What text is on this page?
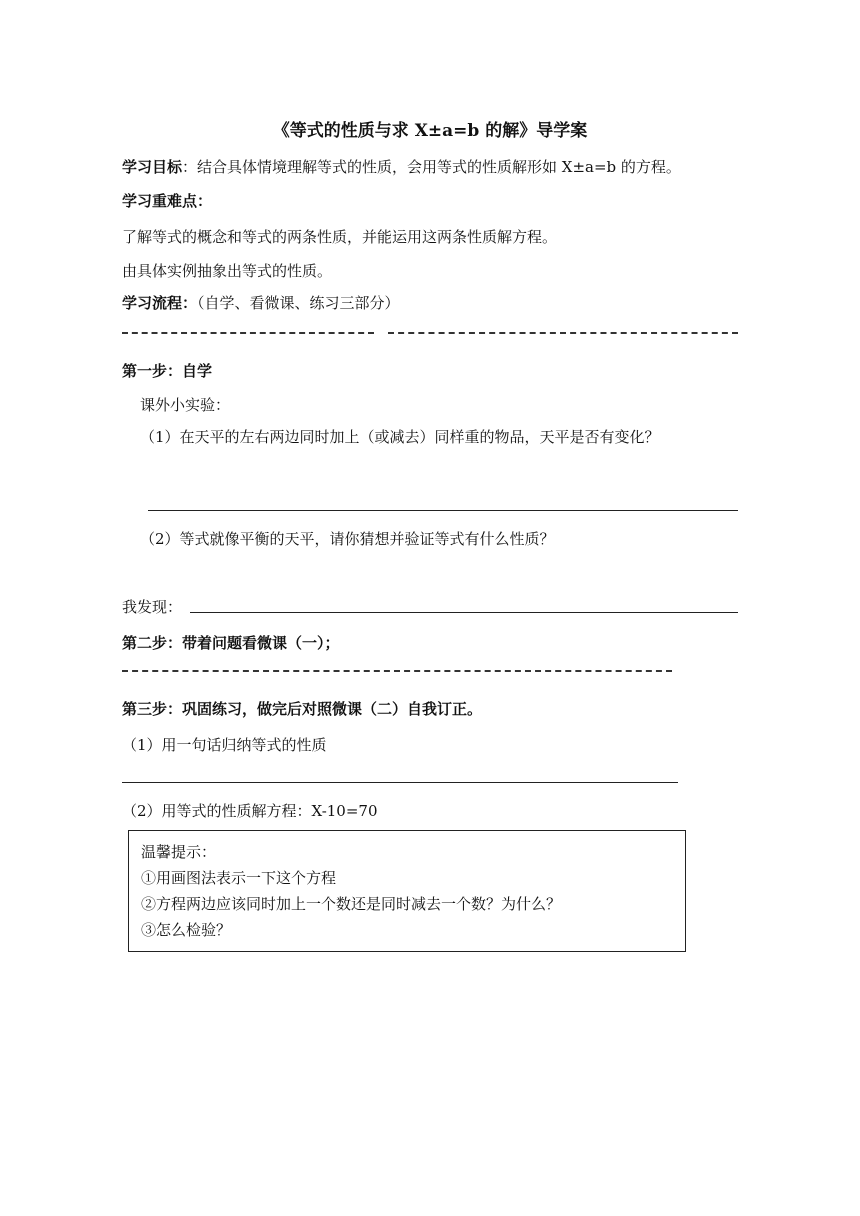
《等式的性质与求 X±a=b 的解》导学案
学习目标：结合具体情境理解等式的性质，会用等式的性质解形如 X±a=b 的方程。
学习重难点：
了解等式的概念和等式的两条性质，并能运用这两条性质解方程。
由具体实例抽象出等式的性质。
学习流程：（自学、看微课、练习三部分）
第一步：自学
课外小实验：
（1）在天平的左右两边同时加上（或减去）同样重的物品，天平是否有变化？
（2）等式就像平衡的天平，请你猜想并验证等式有什么性质？
我发现：
第二步：带着问题看微课（一）；
第三步：巩固练习，做完后对照微课（二）自我订正。
（1）用一句话归纳等式的性质
（2）用等式的性质解方程：X-10=70
温馨提示：
①用画图法表示一下这个方程
②方程两边应该同时加上一个数还是同时减去一个数？为什么？
③怎么检验？
